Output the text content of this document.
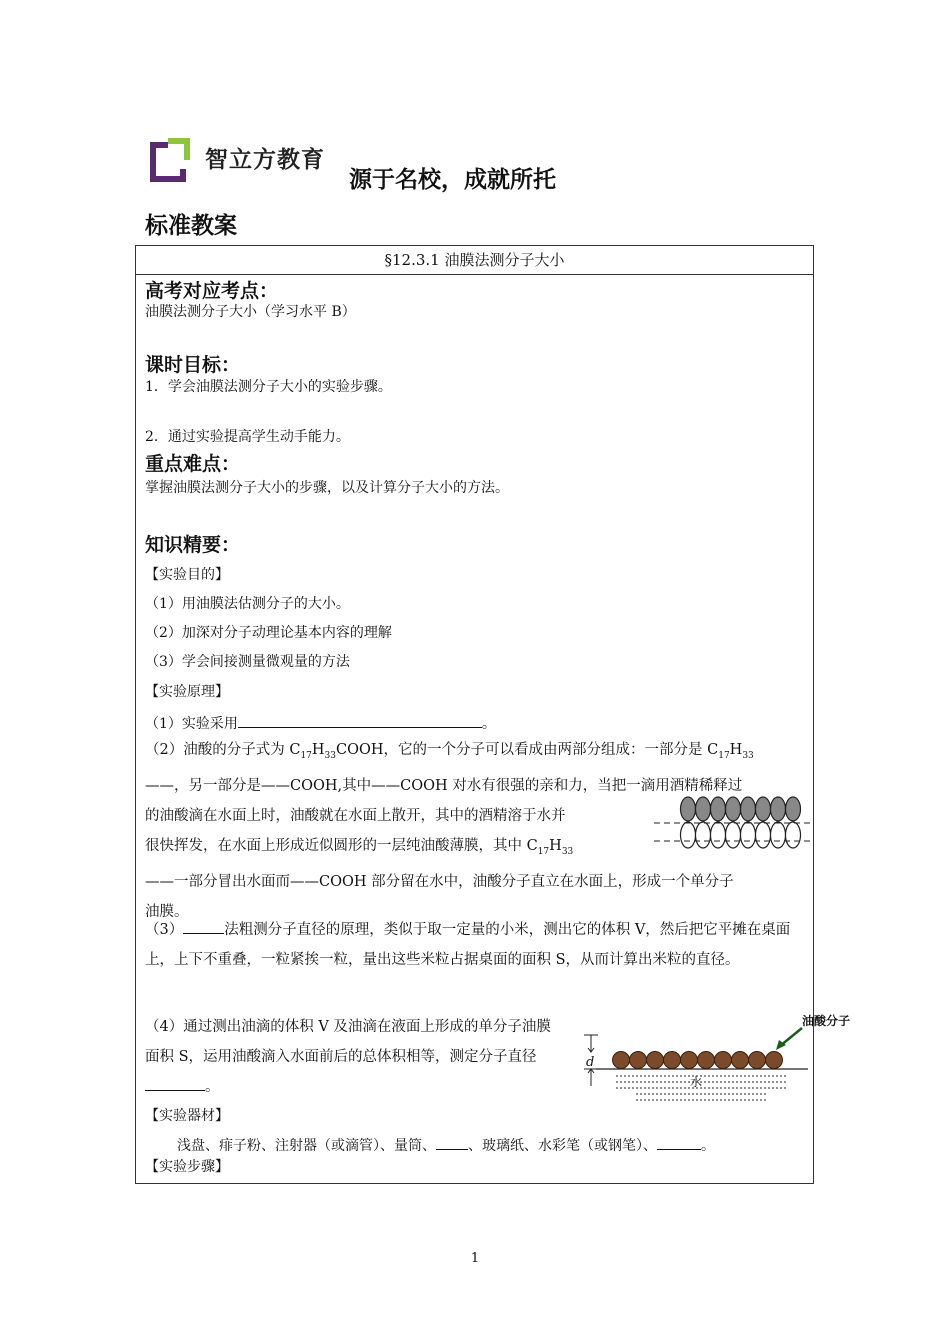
智立方教育
源于名校，成就所托
标准教案
§12.3.1 油膜法测分子大小
高考对应考点：
油膜法测分子大小（学习水平 B）
课时目标：
1．学会油膜法测分子大小的实验步骤。
2．通过实验提高学生动手能力。
重点难点：
掌握油膜法测分子大小的步骤，以及计算分子大小的方法。
知识精要：
【实验目的】
（1）用油膜法估测分子的大小。
（2）加深对分子动理论基本内容的理解
（3）学会间接测量微观量的方法
【实验原理】
（1）实验采用	。
（2）油酸的分子式为 $C_{17}H_{33}COOH$，它的一个分子可以看成由两部分组成：一部分是 $C_{17}H_{33}$
——，另一部分是——COOH,其中——COOH 对水有很强的亲和力，当把一滴用酒精稀释过
的油酸滴在水面上时，油酸就在水面上散开，其中的酒精溶于水并
很快挥发，在水面上形成近似圆形的一层纯油酸薄膜，其中 $C_{17}H_{33}$
——一部分冒出水面而——COOH 部分留在水中，油酸分子直立在水面上，形成一个单分子
油膜。
（3）	法粗测分子直径的原理，类似于取一定量的小米，测出它的体积 V，然后把它平摊在桌面上，上下不重叠，一粒紧挨一粒，量出这些米粒占据桌面的面积 S，从而计算出米粒的直径。
（4）通过测出油滴的体积 V 及油滴在液面上形成的单分子油膜面积 S，运用油酸滴入水面前后的总体积相等，测定分子直径。
d
水
油酸分子
【实验器材】
浅盘、痱子粉、注射器（或滴管）、量筒、 、玻璃纸、水彩笔（或钢笔）、	。
【实验步骤】
1
